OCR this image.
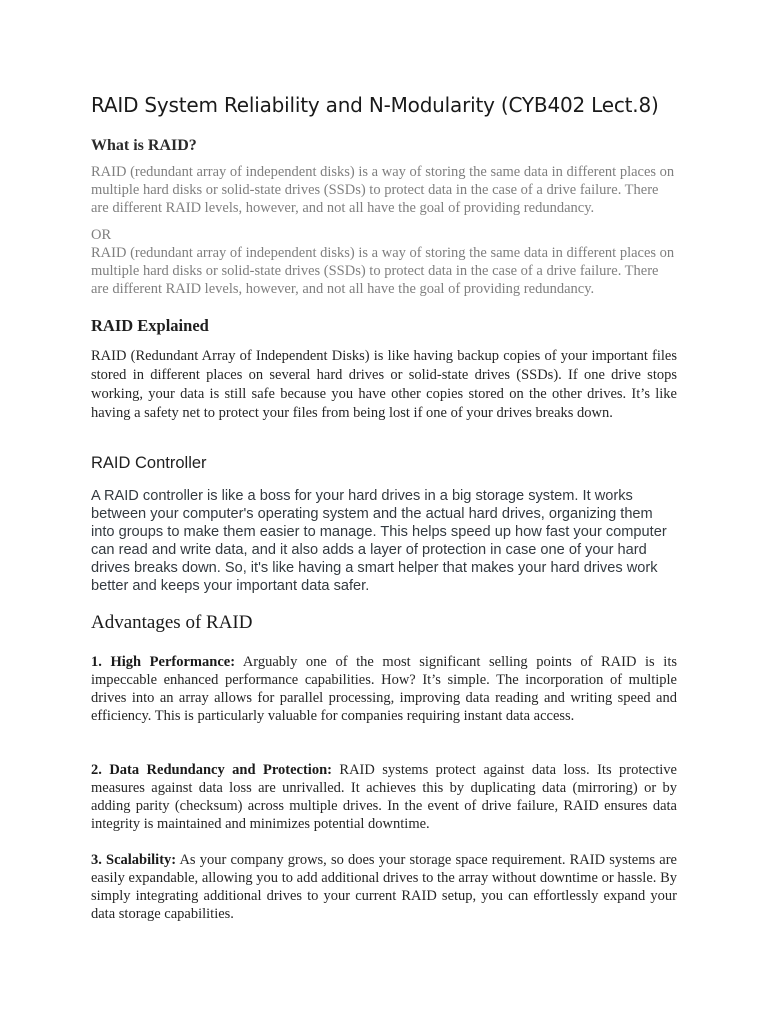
RAID System Reliability and N-Modularity (CYB402 Lect.8)
What is RAID?

RAID (redundant array of independent disks) is a way of storing the same data in different places on multiple hard disks or solid-state drives (SSDs) to protect data in the case of a drive failure. There are different RAID levels, however, and not all have the goal of providing redundancy.

OR

RAID (redundant array of independent disks) is a way of storing the same data in different places on multiple hard disks or solid-state drives (SSDs) to protect data in the case of a drive failure. There are different RAID levels, however, and not all have the goal of providing redundancy.

RAID Explained

RAID (Redundant Array of Independent Disks) is like having backup copies of your important files stored in different places on several hard drives or solid-state drives (SSDs). If one drive stops working, your data is still safe because you have other copies stored on the other drives. It’s like having a safety net to protect your files from being lost if one of your drives breaks down.

RAID Controller

A RAID controller is like a boss for your hard drives in a big storage system. It works between your computer's operating system and the actual hard drives, organizing them into groups to make them easier to manage. This helps speed up how fast your computer can read and write data, and it also adds a layer of protection in case one of your hard drives breaks down. So, it's like having a smart helper that makes your hard drives work better and keeps your important data safer.

Advantages of RAID

1. High Performance: Arguably one of the most significant selling points of RAID is its impeccable enhanced performance capabilities. How? It’s simple. The incorporation of multiple drives into an array allows for parallel processing, improving data reading and writing speed and efficiency. This is particularly valuable for companies requiring instant data access.

2. Data Redundancy and Protection: RAID systems protect against data loss. Its protective measures against data loss are unrivalled. It achieves this by duplicating data (mirroring) or by adding parity (checksum) across multiple drives. In the event of drive failure, RAID ensures data integrity is maintained and minimizes potential downtime.

3. Scalability: As your company grows, so does your storage space requirement. RAID systems are easily expandable, allowing you to add additional drives to the array without downtime or hassle. By simply integrating additional drives to your current RAID setup, you can effortlessly expand your data storage capabilities.
